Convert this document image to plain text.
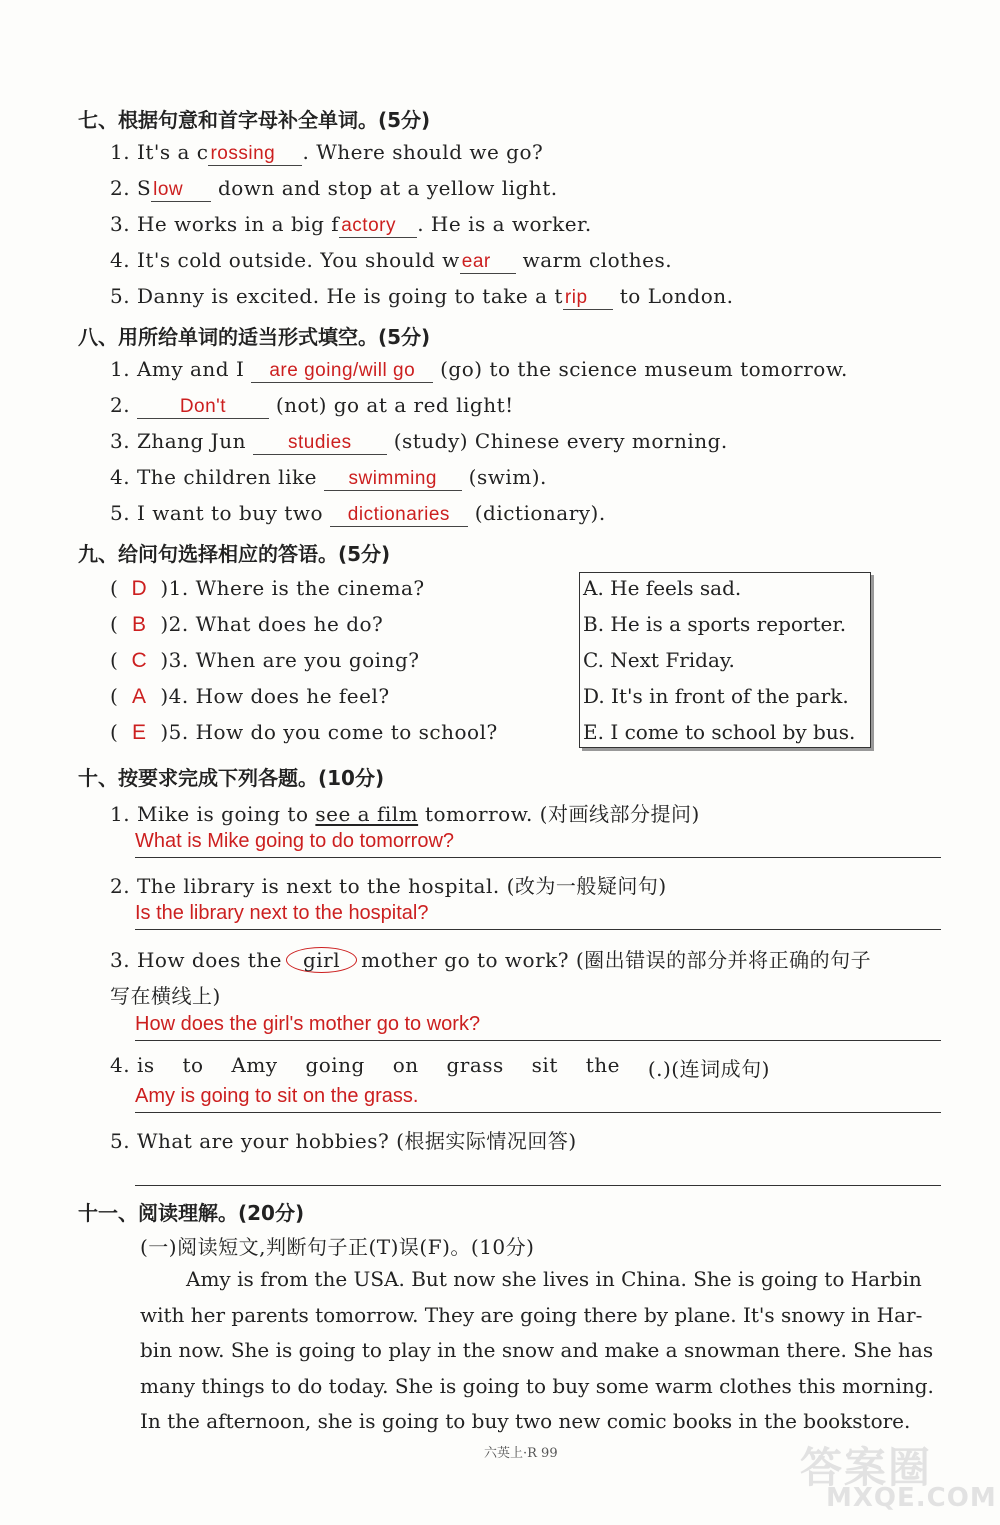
七、根据句意和首字母补全单词。(5分)
1. It's a c rossing . Where should we go?
2. S low down and stop at a yellow light.
3. He works in a big f actory . He is a worker.
4. It's cold outside. You should w ear warm clothes.
5. Danny is excited. He is going to take a t rip to London.
八、用所给单词的适当形式填空。(5分)
1. Amy and I are going/will go (go) to the science museum tomorrow.
2.	Don't (not) go at a red light!
3. Zhang Jun studies (study) Chinese every morning.
4. The children like swimming (swim).
5. I want to buy two dictionaries (dictionary).
九、给问句选择相应的答语。(5分)
( D )1. Where is the cinema?
( B )2. What does he do?
( C )3. When are you going?
( A )4. How does he feel?
( E )5. How do you come to school?
A. He feels sad.
B. He is a sports reporter.
C. Next Friday.
D. It's in front of the park.
E. I come to school by bus.
十、按要求完成下列各题。(10分)
1. Mike is going to see a film tomorrow. (对画线部分提问)
What is Mike going to do tomorrow?
2. The library is next to the hospital. (改为一般疑问句)
Is the library next to the hospital?
3. How does the girl mother go to work? (圈出错误的部分并将正确的句子
写在横线上)
How does the girl's mother go to work?
4. is to Amy going on grass sit the (.)(连词成句)
Amy is going to sit on the grass.
5. What are your hobbies? (根据实际情况回答)
十一、阅读理解。(20分)
(一)阅读短文,判断句子正(T)误(F)。(10分)
Amy is from the USA. But now she lives in China. She is going to Harbin
with her parents tomorrow. They are going there by plane. It's snowy in Har-
bin now. She is going to play in the snow and make a snowman there. She has
many things to do today. She is going to buy some warm clothes this morning.
In the afternoon, she is going to buy two new comic books in the bookstore.
六英上·R 99	答案圈
MXQE.COM
